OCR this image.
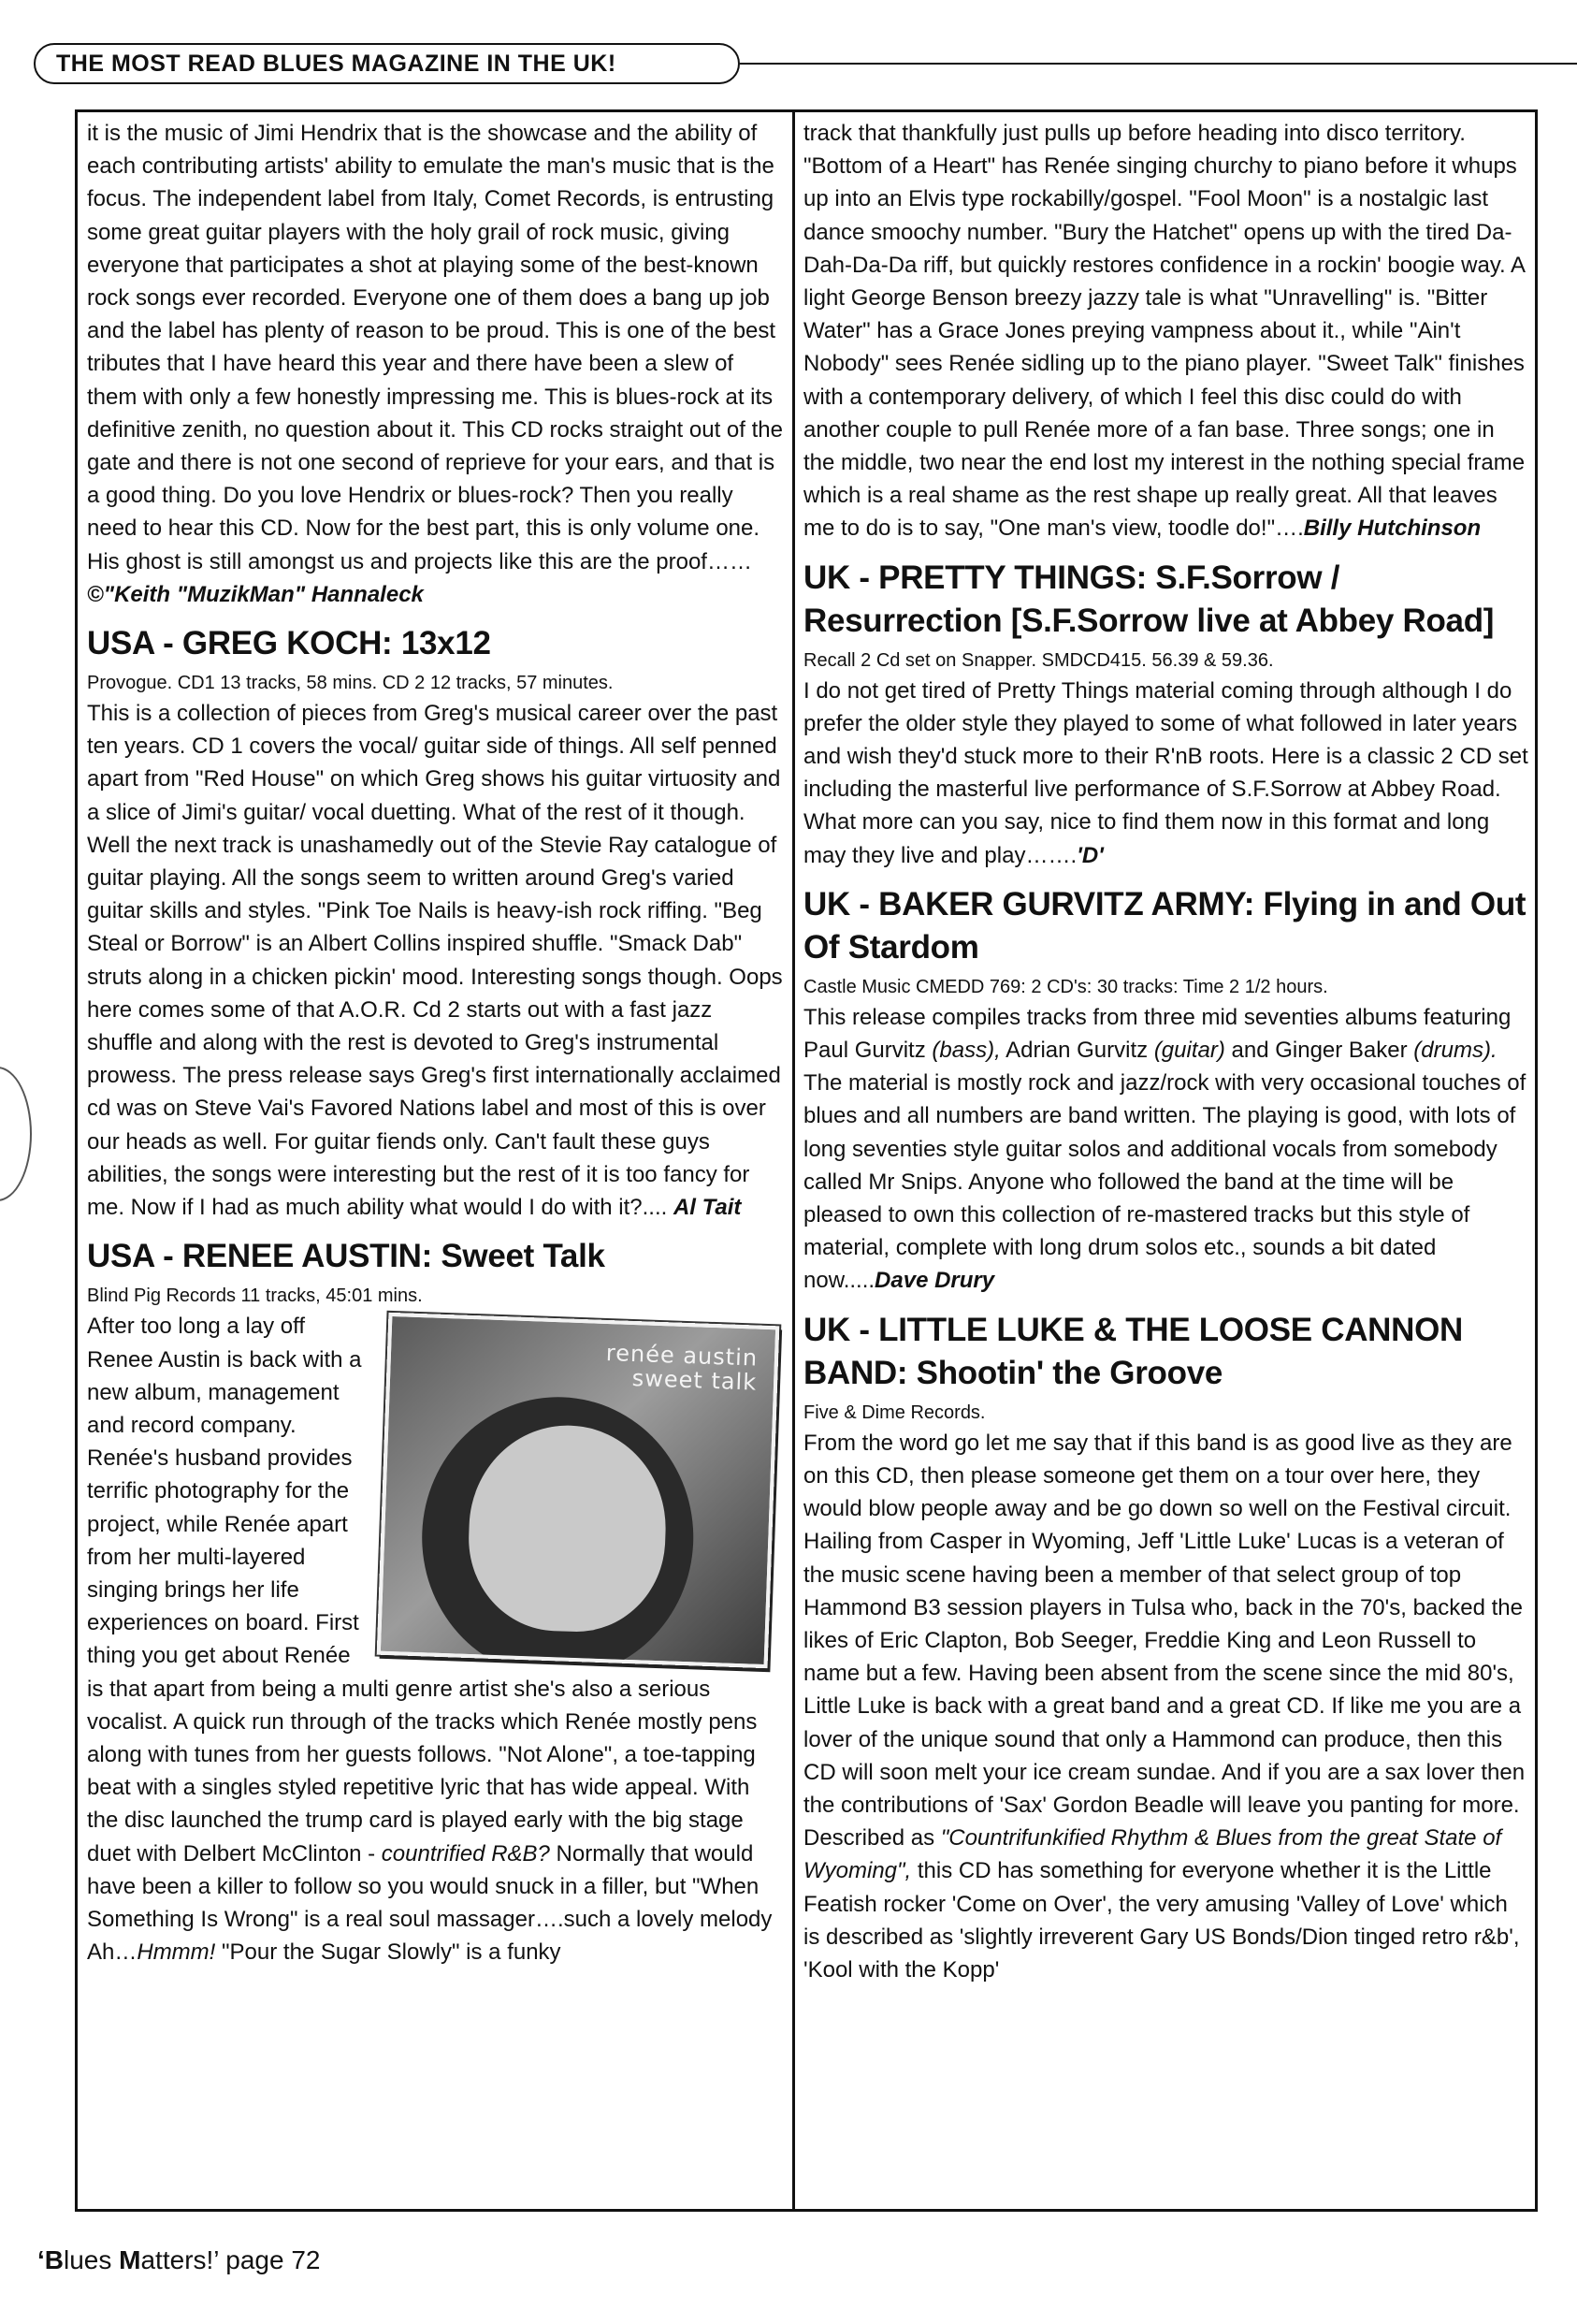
THE MOST READ BLUES MAGAZINE IN THE UK!

it is the music of Jimi Hendrix that is the showcase and the ability of each contributing artists' ability to emulate the man's music that is the focus. The independent label from Italy, Comet Records, is entrusting some great guitar players with the holy grail of rock music, giving everyone that participates a shot at playing some of the best-known rock songs ever recorded. Everyone one of them does a bang up job and the label has plenty of reason to be proud. This is one of the best tributes that I have heard this year and there have been a slew of them with only a few honestly impressing me. This is blues-rock at its definitive zenith, no question about it. This CD rocks straight out of the gate and there is not one second of reprieve for your ears, and that is a good thing. Do you love Hendrix or blues-rock? Then you really need to hear this CD. Now for the best part, this is only volume one. His ghost is still amongst us and projects like this are the proof……©"Keith "MuzikMan" Hannaleck

USA - GREG KOCH: 13x12

Provogue. CD1 13 tracks, 58 mins. CD 2 12 tracks, 57 minutes.

This is a collection of pieces from Greg's musical career over the past ten years. CD 1 covers the vocal/ guitar side of things. All self penned apart from "Red House" on which Greg shows his guitar virtuosity and a slice of Jimi's guitar/ vocal duetting. What of the rest of it though. Well the next track is unashamedly out of the Stevie Ray catalogue of guitar playing. All the songs seem to written around Greg's varied guitar skills and styles. "Pink Toe Nails is heavy-ish rock riffing. "Beg Steal or Borrow" is an Albert Collins inspired shuffle. "Smack Dab" struts along in a chicken pickin' mood. Interesting songs though. Oops here comes some of that A.O.R. Cd 2 starts out with a fast jazz shuffle and along with the rest is devoted to Greg's instrumental prowess. The press release says Greg's first internationally acclaimed cd was on Steve Vai's Favored Nations label and most of this is over our heads as well. For guitar fiends only. Can't fault these guys abilities, the songs were interesting but the rest of it is too fancy for me. Now if I had as much ability what would I do with it?.... Al Tait

USA - RENEE AUSTIN: Sweet Talk

Blind Pig Records 11 tracks, 45:01 mins.

renée austin
sweet talk
After too long a lay off Renee Austin is back with a new album, management and record company. Renée's husband provides terrific photography for the project, while Renée apart from her multi-layered singing brings her life experiences on board. First thing you get about Renée is that apart from being a multi genre artist she's also a serious vocalist. A quick run through of the tracks which Renée mostly pens along with tunes from her guests follows. "Not Alone", a toe-tapping beat with a singles styled repetitive lyric that has wide appeal. With the disc launched the trump card is played early with the big stage duet with Delbert McClinton - countrified R&B? Normally that would have been a killer to follow so you would snuck in a filler, but "When Something Is Wrong" is a real soul massager….such a lovely melody Ah…Hmmm! "Pour the Sugar Slowly" is a funky

track that thankfully just pulls up before heading into disco territory. "Bottom of a Heart" has Renée singing churchy to piano before it whups up into an Elvis type rockabilly/gospel. "Fool Moon" is a nostalgic last dance smoochy number. "Bury the Hatchet" opens up with the tired Da-Dah-Da-Da riff, but quickly restores confidence in a rockin' boogie way. A light George Benson breezy jazzy tale is what "Unravelling" is. "Bitter Water" has a Grace Jones preying vampness about it., while "Ain't Nobody" sees Renée sidling up to the piano player. "Sweet Talk" finishes with a contemporary delivery, of which I feel this disc could do with another couple to pull Renée more of a fan base. Three songs; one in the middle, two near the end lost my interest in the nothing special frame which is a real shame as the rest shape up really great. All that leaves me to do is to say, "One man's view, toodle do!"….Billy Hutchinson

UK - PRETTY THINGS: S.F.Sorrow / Resurrection [S.F.Sorrow live at Abbey Road]

Recall 2 Cd set on Snapper. SMDCD415. 56.39 & 59.36.

I do not get tired of Pretty Things material coming through although I do prefer the older style they played to some of what followed in later years and wish they'd stuck more to their R'nB roots. Here is a classic 2 CD set including the masterful live performance of S.F.Sorrow at Abbey Road. What more can you say, nice to find them now in this format and long may they live and play…….'D'

UK - BAKER GURVITZ ARMY: Flying in and Out Of Stardom

Castle Music CMEDD 769: 2 CD's: 30 tracks: Time 2 1/2 hours.

This release compiles tracks from three mid seventies albums featuring Paul Gurvitz (bass), Adrian Gurvitz (guitar) and Ginger Baker (drums). The material is mostly rock and jazz/rock with very occasional touches of blues and all numbers are band written. The playing is good, with lots of long seventies style guitar solos and additional vocals from somebody called Mr Snips. Anyone who followed the band at the time will be pleased to own this collection of re-mastered tracks but this style of material, complete with long drum solos etc., sounds a bit dated now.....Dave Drury

UK - LITTLE LUKE & THE LOOSE CANNON BAND: Shootin' the Groove

Five & Dime Records.

From the word go let me say that if this band is as good live as they are on this CD, then please someone get them on a tour over here, they would blow people away and be go down so well on the Festival circuit. Hailing from Casper in Wyoming, Jeff 'Little Luke' Lucas is a veteran of the music scene having been a member of that select group of top Hammond B3 session players in Tulsa who, back in the 70's, backed the likes of Eric Clapton, Bob Seeger, Freddie King and Leon Russell to name but a few. Having been absent from the scene since the mid 80's, Little Luke is back with a great band and a great CD. If like me you are a lover of the unique sound that only a Hammond can produce, then this CD will soon melt your ice cream sundae. And if you are a sax lover then the contributions of 'Sax' Gordon Beadle will leave you panting for more. Described as "Countrifunkified Rhythm & Blues from the great State of Wyoming", this CD has something for everyone whether it is the Little Featish rocker 'Come on Over', the very amusing 'Valley of Love' which is described as 'slightly irreverent Gary US Bonds/Dion tinged retro r&b', 'Kool with the Kopp'

‘Blues Matters!’ page 72
